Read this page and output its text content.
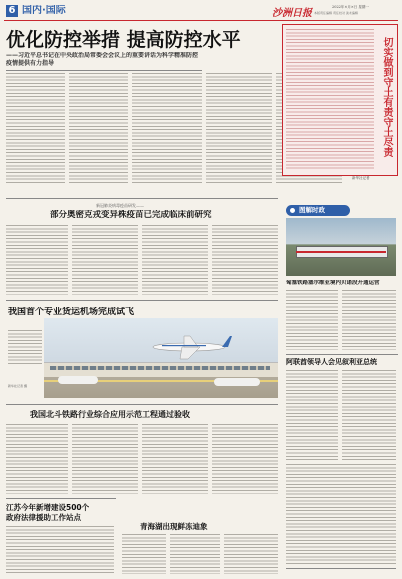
6 国内·国际	沙洲日报
2022年×月×日 星期一
本版责任编辑 责任校对 美术编辑
优化防控举措 提高防控水平
——习近平总书记在中央政治局常委会会议上的重要讲话为科学精准防控疫情提供有力指导	切实做到守土有责守土尽责
新华社记者
新冠肺炎病毒疫苗研发——
部分奥密克戎变异株疫苗已完成临床前研究
我国首个专业货运机场完成试飞
新华社记者 摄
图解时政
匈塞铁路塞尔维亚境内贝诺段开通运营
阿联酋领导人会见叙利亚总统
我国北斗铁路行业综合应用示范工程通过验收
江苏今年新增建设500个
政府法律援助工作站点
青海湖出现鲜冻迪象
